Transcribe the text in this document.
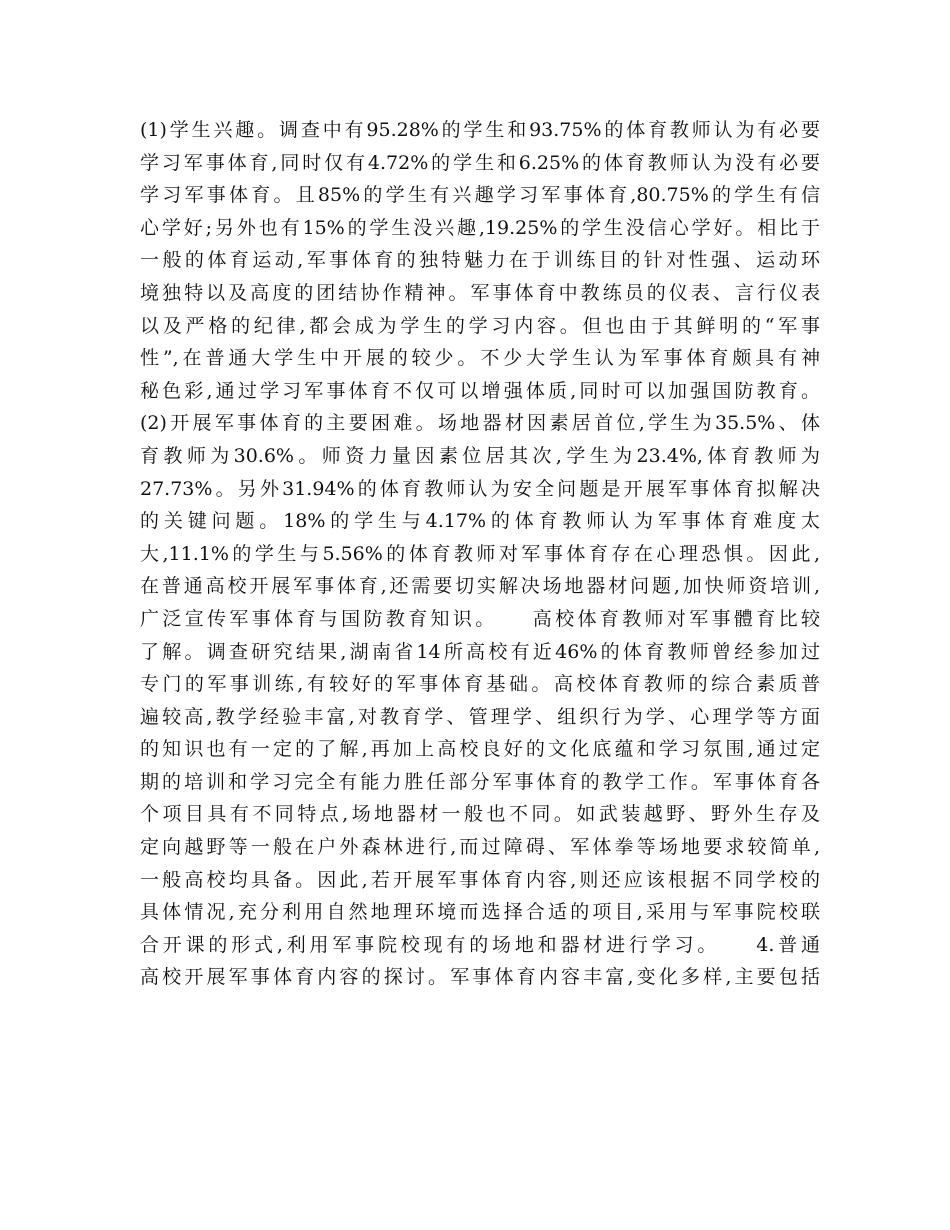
(1)学生兴趣。调查中有95.28%的学生和93.75%的体育教师认为有必要
学习军事体育,同时仅有4.72%的学生和6.25%的体育教师认为没有必要
学习军事体育。且85%的学生有兴趣学习军事体育,80.75%的学生有信
心学好;另外也有15%的学生没兴趣,19.25%的学生没信心学好。相比于
一般的体育运动,军事体育的独特魅力在于训练目的针对性强、运动环
境独特以及高度的团结协作精神。军事体育中教练员的仪表、言行仪表
以及严格的纪律,都会成为学生的学习内容。但也由于其鲜明的“军事
性”,在普通大学生中开展的较少。不少大学生认为军事体育颇具有神
秘色彩,通过学习军事体育不仅可以增强体质,同时可以加强国防教育。
(2)开展军事体育的主要困难。场地器材因素居首位,学生为35.5%、体
育教师为30.6%。师资力量因素位居其次,学生为23.4%,体育教师为
27.73%。另外31.94%的体育教师认为安全问题是开展军事体育拟解决
的关键问题。18%的学生与4.17%的体育教师认为军事体育难度太
大,11.1%的学生与5.56%的体育教师对军事体育存在心理恐惧。因此,
在普通高校开展军事体育,还需要切实解决场地器材问题,加快师资培训,
广泛宣传军事体育与国防教育知识。　　高校体育教师对军事體育比较
了解。调查研究结果,湖南省14所高校有近46%的体育教师曾经参加过
专门的军事训练,有较好的军事体育基础。高校体育教师的综合素质普
遍较高,教学经验丰富,对教育学、管理学、组织行为学、心理学等方面
的知识也有一定的了解,再加上高校良好的文化底蕴和学习氛围,通过定
期的培训和学习完全有能力胜任部分军事体育的教学工作。军事体育各
个项目具有不同特点,场地器材一般也不同。如武装越野、野外生存及
定向越野等一般在户外森林进行,而过障碍、军体拳等场地要求较简单,
一般高校均具备。因此,若开展军事体育内容,则还应该根据不同学校的
具体情况,充分利用自然地理环境而选择合适的项目,采用与军事院校联
合开课的形式,利用军事院校现有的场地和器材进行学习。　　4.普通
高校开展军事体育内容的探讨。军事体育内容丰富,变化多样,主要包括
